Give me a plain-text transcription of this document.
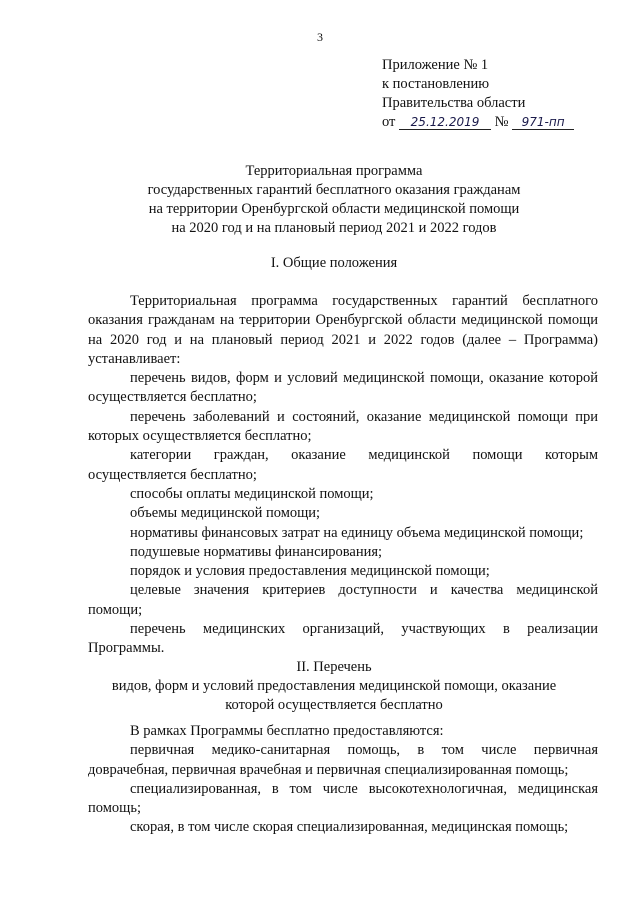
3
Приложение № 1
к постановлению
Правительства области
от 25.12.2019 № 971-пп
Территориальная программа
государственных гарантий бесплатного оказания гражданам
на территории Оренбургской области медицинской помощи
на 2020 год и на плановый период 2021 и 2022 годов
I. Общие положения

Территориальная программа государственных гарантий бесплатного оказания гражданам на территории Оренбургской области медицинской помощи на 2020 год и на плановый период 2021 и 2022 годов (далее – Программа) устанавливает:

перечень видов, форм и условий медицинской помощи, оказание которой осуществляется бесплатно;

перечень заболеваний и состояний, оказание медицинской помощи при которых осуществляется бесплатно;

категории граждан, оказание медицинской помощи которым осуществляется бесплатно;

способы оплаты медицинской помощи;

объемы медицинской помощи;

нормативы финансовых затрат на единицу объема медицинской помощи;

подушевые нормативы финансирования;

порядок и условия предоставления медицинской помощи;

целевые значения критериев доступности и качества медицинской помощи;

перечень медицинских организаций, участвующих в реализации Программы.

II. Перечень
видов, форм и условий предоставления медицинской помощи, оказание
которой осуществляется бесплатно

В рамках Программы бесплатно предоставляются:

первичная медико-санитарная помощь, в том числе первичная доврачебная, первичная врачебная и первичная специализированная помощь;

специализированная, в том числе высокотехнологичная, медицинская помощь;

скорая, в том числе скорая специализированная, медицинская помощь;
